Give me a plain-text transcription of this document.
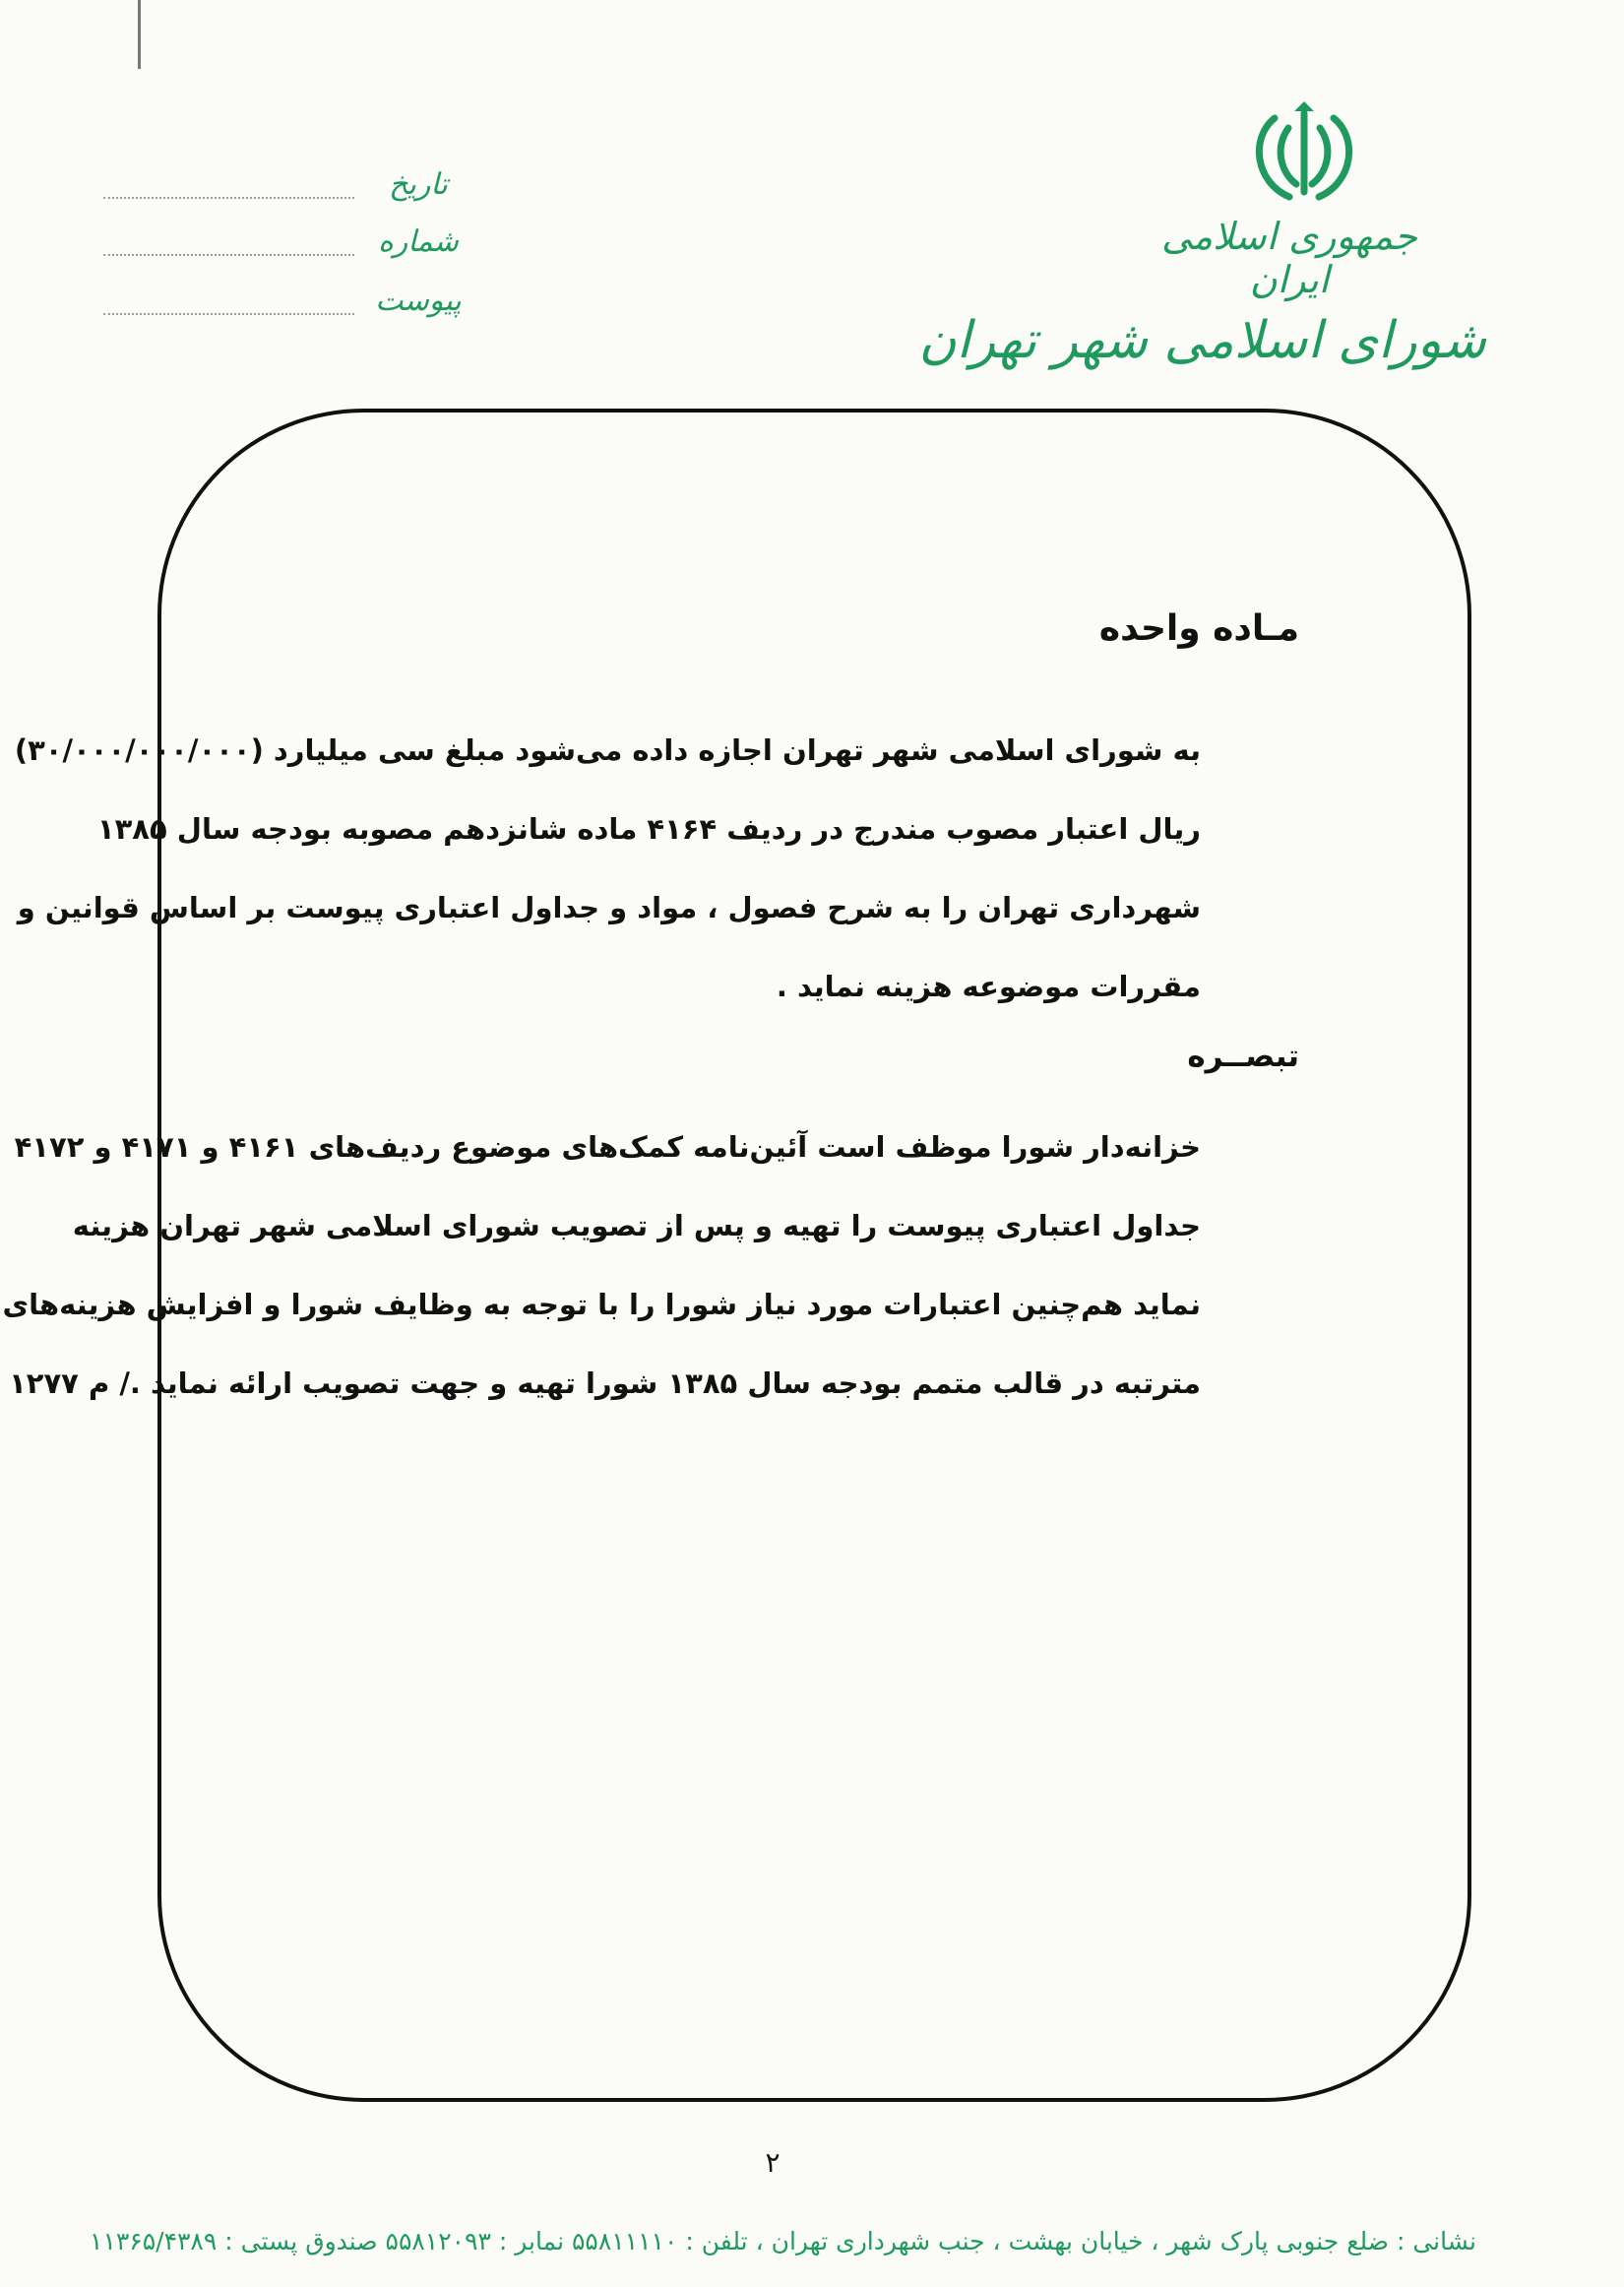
جمهوری اسلامی ایران
شورای اسلامی شهر تهران
تاریخ
شماره
پیوست
مـاده واحده
به شورای اسلامی شهر تهران اجازه داده می‌شود مبلغ سی میلیارد (۳۰/۰۰۰/۰۰۰/۰۰۰)
ریال اعتبار مصوب مندرج در ردیف ۴۱۶۴ ماده شانزدهم مصوبه بودجه سال ۱۳۸۵
شهرداری تهران را به شرح فصول ، مواد و جداول اعتباری پیوست بر اساس قوانین و
مقررات موضوعه هزینه نماید .
تبصــره
خزانه‌دار شورا موظف است آئین‌نامه کمک‌های موضوع ردیف‌های ۴۱۶۱ و ۴۱۷۱ و ۴۱۷۲
جداول اعتباری پیوست را تهیه و پس از تصویب شورای اسلامی شهر تهران هزینه
نماید هم‌چنین اعتبارات مورد نیاز شورا را با توجه به وظایف شورا و افزایش هزینه‌های
مترتبه در قالب متمم بودجه سال ۱۳۸۵ شورا تهیه و جهت تصویب ارائه نماید ./ م ۱۲۷۷
۲
نشانی : ضلع جنوبی پارک شهر ، خیابان بهشت ، جنب شهرداری تهران ، تلفن : ۵۵۸۱۱۱۱۰ نمابر : ۵۵۸۱۲۰۹۳ صندوق پستی : ۱۱۳۶۵/۴۳۸۹
